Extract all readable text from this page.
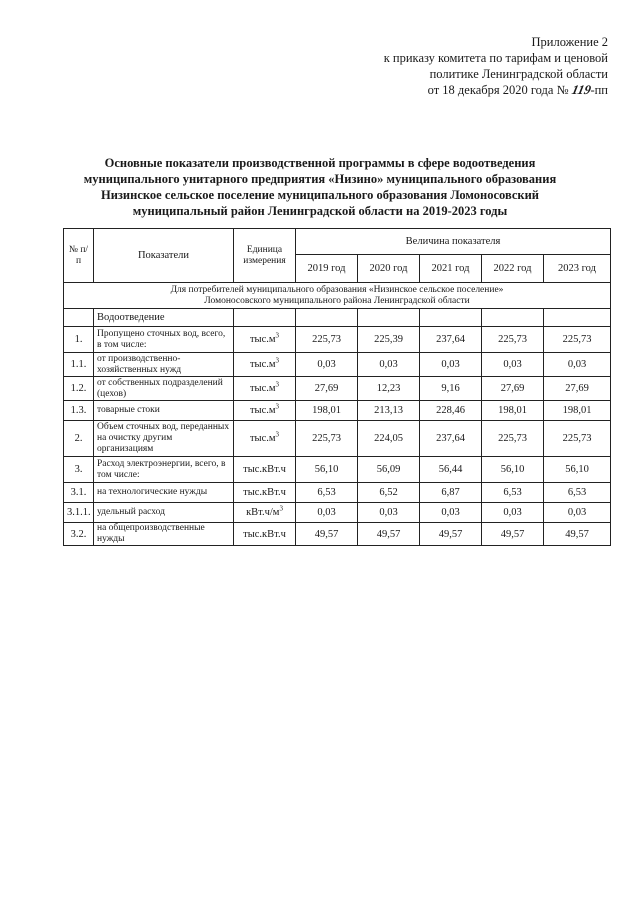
Приложение 2
к приказу комитета по тарифам и ценовой
политике Ленинградской области
от 18 декабря 2020 года № 119-пп
Основные показатели производственной программы в сфере водоотведения
муниципального унитарного предприятия «Низино» муниципального образования
Низинское сельское поселение муниципального образования Ломоносовский
муниципальный район Ленинградской области на 2019-2023 годы
№ п/п	Показатели	Единица измерения	Величина показателя				
			2019 год	2020 год	2021 год	2022 год	2023 год

Для потребителей муниципального образования «Низинское сельское поселение»
Ломоносовского муниципального района Ленинградской области							

	Водоотведение						
1.	Пропущено сточных вод, всего, в том числе:	$тыс.м^3$	225,73	225,39	237,64	225,73	225,73
1.1.	от производственно-хозяйственных нужд	$тыс.м^3$	0,03	0,03	0,03	0,03	0,03
1.2.	от собственных подразделений (цехов)	$тыс.м^3$	27,69	12,23	9,16	27,69	27,69
1.3.	товарные стоки	$тыс.м^3$	198,01	213,13	228,46	198,01	198,01
2.	Объем сточных вод, переданных на очистку другим организациям	$тыс.м^3$	225,73	224,05	237,64	225,73	225,73
3.	Расход электроэнергии, всего, в том числе:	тыс.кВт.ч	56,10	56,09	56,44	56,10	56,10
3.1.	на технологические нужды	тыс.кВт.ч	6,53	6,52	6,87	6,53	6,53
3.1.1.	удельный расход	$кВт.ч/м^3$	0,03	0,03	0,03	0,03	0,03
3.2.	на общепроизводственные нужды	тыс.кВт.ч	49,57	49,57	49,57	49,57	49,57
